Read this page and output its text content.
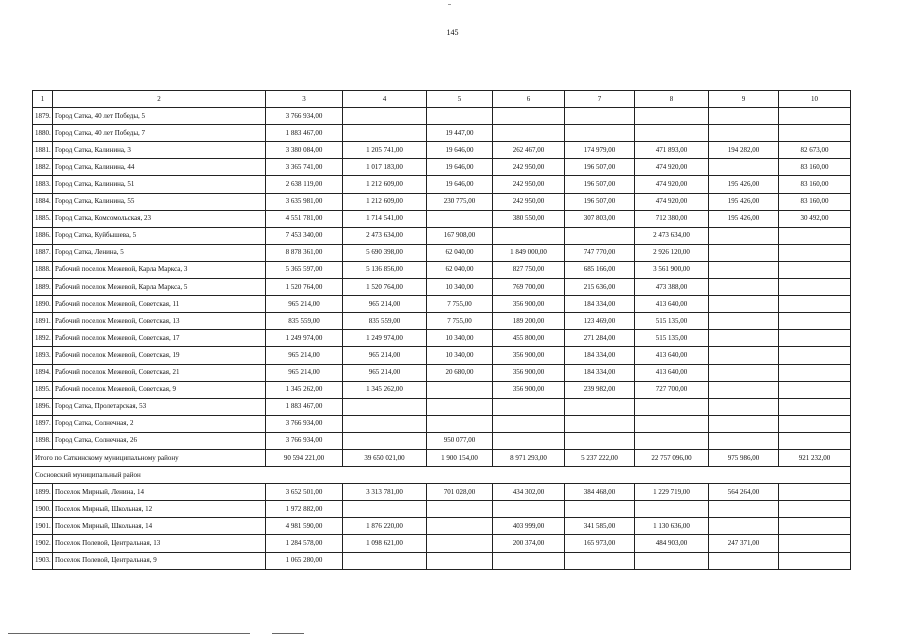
145
1	2	3	4	5	6	7	8	9	10
1879.	Город Сатка, 40 лет Победы, 5	3 766 934,00							
1880.	Город Сатка, 40 лет Победы, 7	1 883 467,00		19 447,00					
1881.	Город Сатка, Калинина, 3	3 380 084,00	1 205 741,00	19 646,00	262 467,00	174 979,00	471 893,00	194 282,00	82 673,00
1882.	Город Сатка, Калинина, 44	3 365 741,00	1 017 183,00	19 646,00	242 950,00	196 507,00	474 920,00		83 160,00
1883.	Город Сатка, Калинина, 51	2 638 119,00	1 212 609,00	19 646,00	242 950,00	196 507,00	474 920,00	195 426,00	83 160,00
1884.	Город Сатка, Калинина, 55	3 635 981,00	1 212 609,00	230 775,00	242 950,00	196 507,00	474 920,00	195 426,00	83 160,00
1885.	Город Сатка, Комсомольская, 23	4 551 781,00	1 714 541,00		380 550,00	307 803,00	712 380,00	195 426,00	30 492,00
1886.	Город Сатка, Куйбышева, 5	7 453 340,00	2 473 634,00	167 908,00			2 473 634,00		
1887.	Город Сатка, Ленина, 5	8 878 361,00	5 690 398,00	62 040,00	1 849 000,00	747 770,00	2 926 120,00		
1888.	Рабочий поселок Межевой, Карла Маркса, 3	5 365 597,00	5 136 856,00	62 040,00	827 750,00	685 166,00	3 561 900,00		
1889.	Рабочий поселок Межевой, Карла Маркса, 5	1 520 764,00	1 520 764,00	10 340,00	769 700,00	215 636,00	473 388,00		
1890.	Рабочий поселок Межевой, Советская, 11	965 214,00	965 214,00	7 755,00	356 900,00	184 334,00	413 640,00		
1891.	Рабочий поселок Межевой, Советская, 13	835 559,00	835 559,00	7 755,00	189 200,00	123 469,00	515 135,00		
1892.	Рабочий поселок Межевой, Советская, 17	1 249 974,00	1 249 974,00	10 340,00	455 800,00	271 284,00	515 135,00		
1893.	Рабочий поселок Межевой, Советская, 19	965 214,00	965 214,00	10 340,00	356 900,00	184 334,00	413 640,00		
1894.	Рабочий поселок Межевой, Советская, 21	965 214,00	965 214,00	20 680,00	356 900,00	184 334,00	413 640,00		
1895.	Рабочий поселок Межевой, Советская, 9	1 345 262,00	1 345 262,00		356 900,00	239 982,00	727 700,00		
1896.	Город Сатка, Пролетарская, 53	1 883 467,00							
1897.	Город Сатка, Солнечная, 2	3 766 934,00							
1898.	Город Сатка, Солнечная, 26	3 766 934,00		950 077,00					
Итого по Саткинскому муниципальному району		90 594 221,00	39 650 021,00	1 900 154,00	8 971 293,00	5 237 222,00	22 757 096,00	975 986,00	921 232,00
Сосновский муниципальный район									
1899.	Поселок Мирный, Ленина, 14	3 652 501,00	3 313 781,00	701 028,00	434 302,00	384 468,00	1 229 719,00	564 264,00	
1900.	Поселок Мирный, Школьная, 12	1 972 882,00							
1901.	Поселок Мирный, Школьная, 14	4 981 590,00	1 876 220,00		403 999,00	341 585,00	1 130 636,00		
1902.	Поселок Полевой, Центральная, 13	1 284 578,00	1 098 621,00		200 374,00	165 973,00	484 903,00	247 371,00	
1903.	Поселок Полевой, Центральная, 9	1 065 280,00							
